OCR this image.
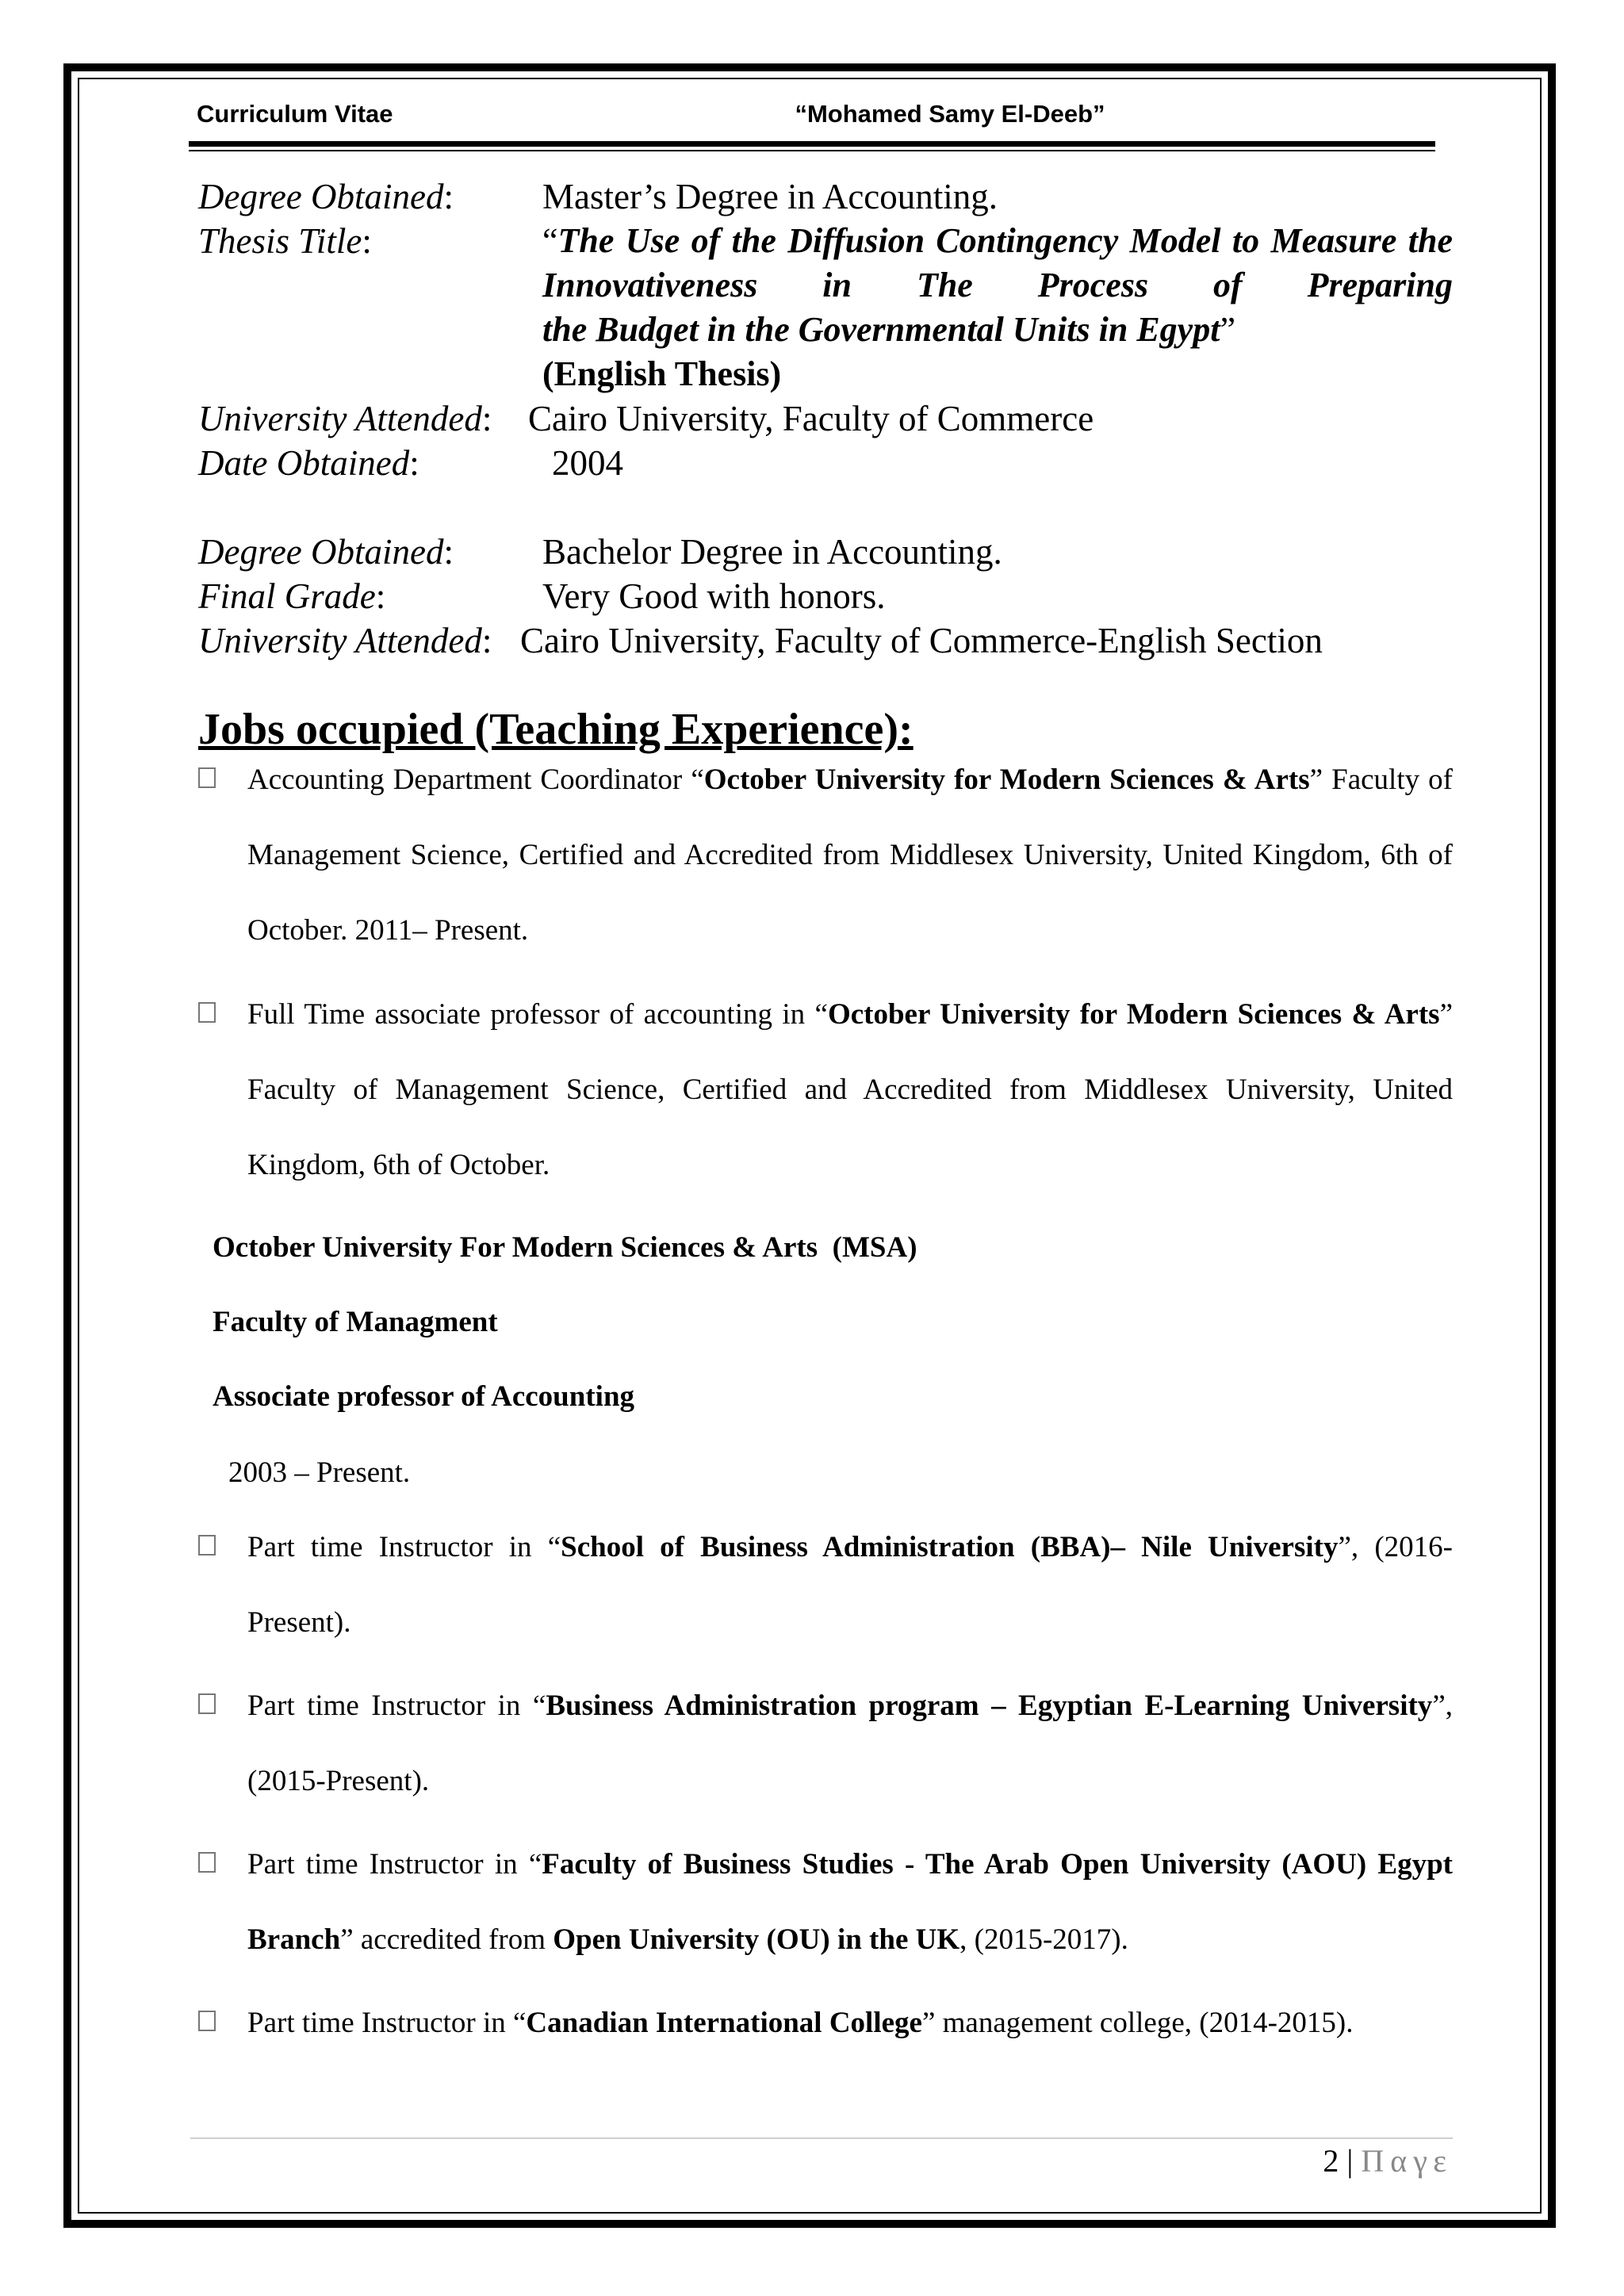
Curriculum Vitae	“Mohamed Samy El-Deeb”
Degree Obtained: Master’s Degree in Accounting.
Thesis Title:	“The Use of the Diffusion Contingency Model to Measure the Innovativeness in The Process of Preparing
the Budget in the Governmental Units in Egypt”
(English Thesis)
University Attended: Cairo University, Faculty of Commerce
Date Obtained:	2004
Degree Obtained: Bachelor Degree in Accounting.
Final Grade:	Very Good with honors.
University Attended: Cairo University, Faculty of Commerce-English Section
Jobs occupied (Teaching Experience):
Accounting Department Coordinator “October University for Modern Sciences & Arts” Faculty of Management Science, Certified and Accredited from Middlesex University, United Kingdom, 6th of October. 2011– Present.
Full Time associate professor of accounting in “October University for Modern Sciences & Arts” Faculty of Management Science, Certified and Accredited from Middlesex University, United Kingdom, 6th of October.
October University For Modern Sciences & Arts (MSA)
Faculty of Managment
Associate professor of Accounting
2003 – Present.
Part time Instructor in “School of Business Administration (BBA)– Nile University”, (2016-Present).
Part time Instructor in “Business Administration program – Egyptian E-Learning University”, (2015-Present).
Part time Instructor in “Faculty of Business Studies - The Arab Open University (AOU) Egypt Branch” accredited from Open University (OU) in the UK, (2015-2017).
Part time Instructor in “Canadian International College” management college, (2014-2015).
2 | Παγε
